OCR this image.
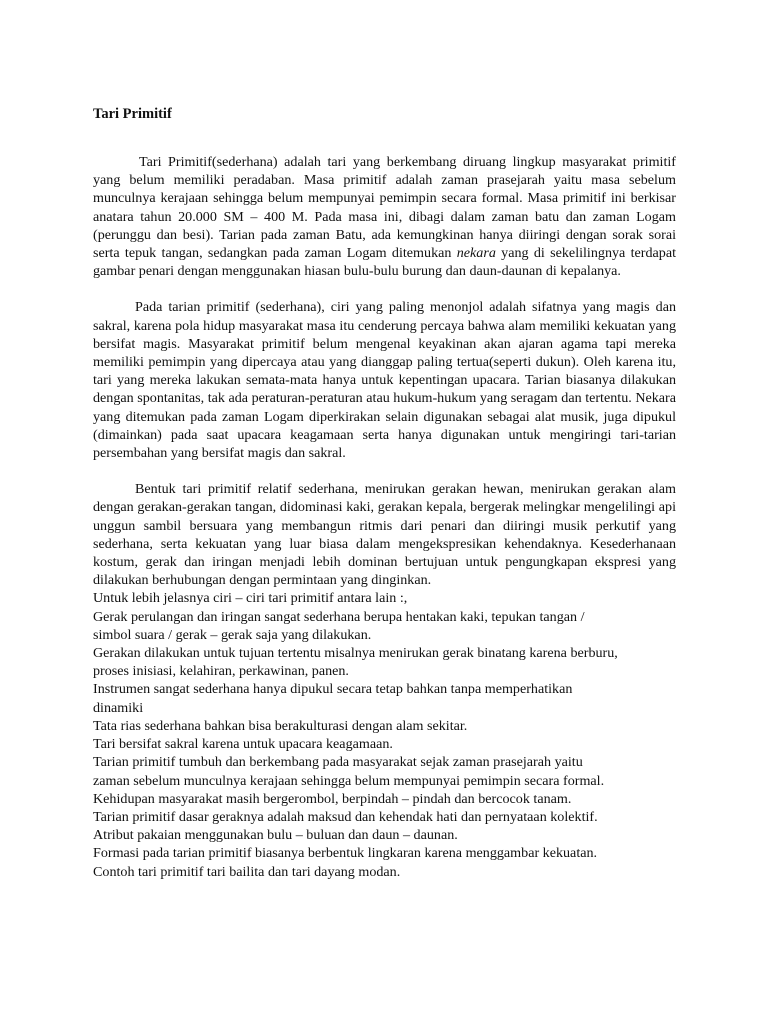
Tari Primitif

Tari Primitif(sederhana) adalah tari yang berkembang diruang lingkup masyarakat primitif yang belum memiliki peradaban. Masa primitif adalah zaman prasejarah yaitu masa sebelum munculnya kerajaan sehingga belum mempunyai pemimpin secara formal. Masa primitif ini berkisar anatara tahun 20.000 SM – 400 M. Pada masa ini, dibagi dalam zaman batu dan zaman Logam (perunggu dan besi). Tarian pada zaman Batu, ada kemungkinan hanya diiringi dengan sorak sorai serta tepuk tangan, sedangkan pada zaman Logam ditemukan nekara yang di sekelilingnya terdapat gambar penari dengan menggunakan hiasan bulu-bulu burung dan daun-daunan di kepalanya.

Pada tarian primitif (sederhana), ciri yang paling menonjol adalah sifatnya yang magis dan sakral, karena pola hidup masyarakat masa itu cenderung percaya bahwa alam memiliki kekuatan yang bersifat magis. Masyarakat primitif belum mengenal keyakinan akan ajaran agama tapi mereka memiliki pemimpin yang dipercaya atau yang dianggap paling tertua(seperti dukun). Oleh karena itu, tari yang mereka lakukan semata-mata hanya untuk kepentingan upacara. Tarian biasanya dilakukan dengan spontanitas, tak ada peraturan-peraturan atau hukum-hukum yang seragam dan tertentu. Nekara yang ditemukan pada zaman Logam diperkirakan selain digunakan sebagai alat musik, juga dipukul (dimainkan) pada saat upacara keagamaan serta hanya digunakan untuk mengiringi tari-tarian persembahan yang bersifat magis dan sakral.

Bentuk tari primitif relatif sederhana, menirukan gerakan hewan, menirukan gerakan alam dengan gerakan-gerakan tangan, didominasi kaki, gerakan kepala, bergerak melingkar mengelilingi api unggun sambil bersuara yang membangun ritmis dari penari dan diiringi musik perkutif yang sederhana, serta kekuatan yang luar biasa dalam mengekspresikan kehendaknya. Kesederhanaan kostum, gerak dan iringan menjadi lebih dominan bertujuan untuk pengungkapan ekspresi yang dilakukan berhubungan dengan permintaan yang dinginkan.

Untuk lebih jelasnya ciri – ciri tari primitif antara lain :,
Gerak perulangan dan iringan sangat sederhana berupa hentakan kaki, tepukan tangan /
simbol suara / gerak – gerak saja yang dilakukan.
Gerakan dilakukan untuk tujuan tertentu misalnya menirukan gerak binatang karena berburu,
proses inisiasi, kelahiran, perkawinan, panen.
Instrumen sangat sederhana hanya dipukul secara tetap bahkan tanpa memperhatikan
dinamiki
Tata rias sederhana bahkan bisa berakulturasi dengan alam sekitar.
Tari bersifat sakral karena untuk upacara keagamaan.
Tarian primitif tumbuh dan berkembang pada masyarakat sejak zaman prasejarah yaitu
zaman sebelum munculnya kerajaan sehingga belum mempunyai pemimpin secara formal.
Kehidupan masyarakat masih bergerombol, berpindah – pindah dan bercocok tanam.
Tarian primitif dasar geraknya adalah maksud dan kehendak hati dan pernyataan kolektif.
Atribut pakaian menggunakan bulu – buluan dan daun – daunan.
Formasi pada tarian primitif biasanya berbentuk lingkaran karena menggambar kekuatan.
Contoh tari primitif tari bailita dan tari dayang modan.
